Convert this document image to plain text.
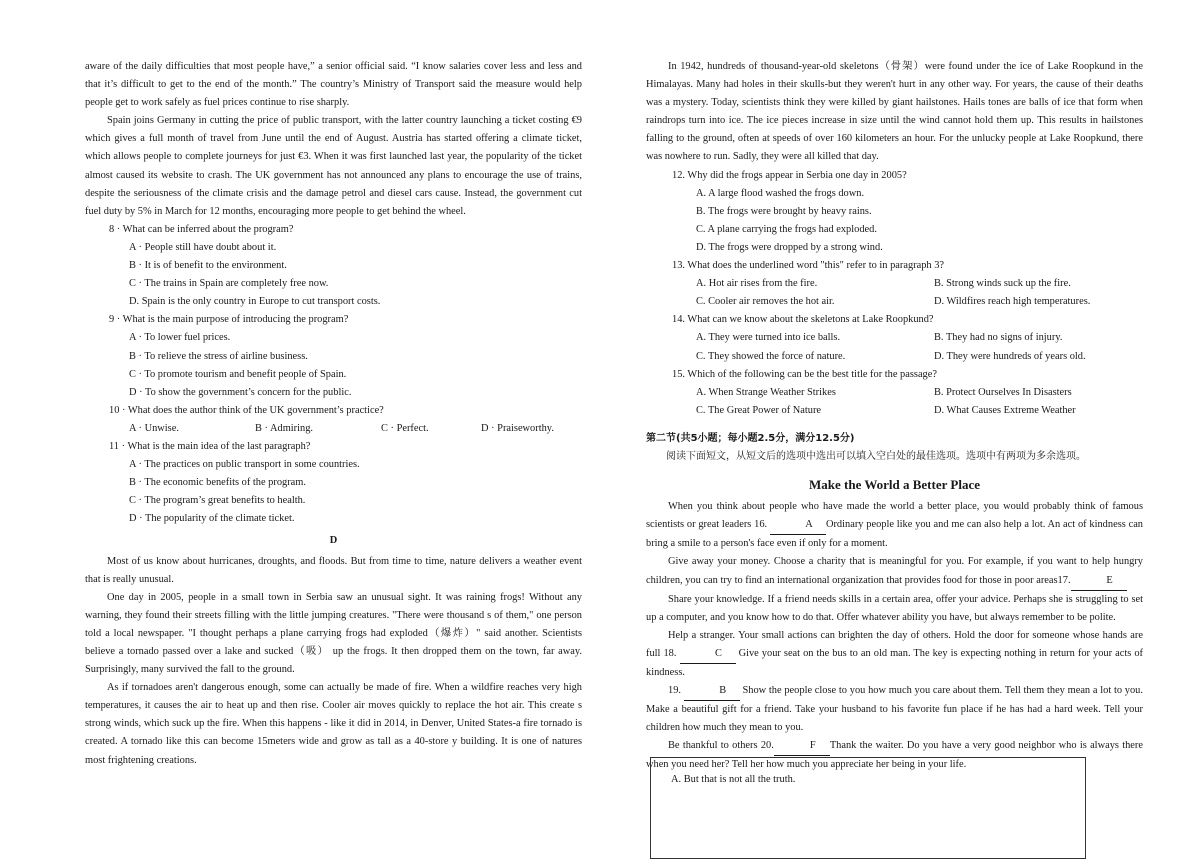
aware of the daily difficulties that most people have,” a senior official said. “I know salaries cover less and less and that it’s difficult to get to the end of the month.” The country’s Ministry of Transport said the measure would help people get to work safely as fuel prices continue to rise sharply.

Spain joins Germany in cutting the price of public transport, with the latter country launching a ticket costing €9 which gives a full month of travel from June until the end of August. Austria has started offering a climate ticket, which allows people to complete journeys for just €3. When it was first launched last year, the popularity of the ticket almost caused its website to crash. The UK government has not announced any plans to encourage the use of trains, despite the seriousness of the climate crisis and the damage petrol and diesel cars cause. Instead, the government cut fuel duty by 5% in March for 12 months, encouraging more people to get behind the wheel.

8 · What can be inferred about the program?

A · People still have doubt about it.

B · It is of benefit to the environment.

C · The trains in Spain are completely free now.

D. Spain is the only country in Europe to cut transport costs.

9 · What is the main purpose of introducing the program?

A · To lower fuel prices.

B · To relieve the stress of airline business.

C · To promote tourism and benefit people of Spain.

D · To show the government’s concern for the public.

10 · What does the author think of the UK government’s practice?

A · Unwise.	B · Admiring.	C · Perfect.	D · Praiseworthy.

11 · What is the main idea of the last paragraph?

A · The practices on public transport in some countries.

B · The economic benefits of the program.

C · The program’s great benefits to health.

D · The popularity of the climate ticket.

D

Most of us know about hurricanes, droughts, and floods. But from time to time, nature delivers a weather event that is really unusual.

One day in 2005, people in a small town in Serbia saw an unusual sight. It was raining frogs! Without any warning, they found their streets filling with the little jumping creatures. "There were thousand s of them," one person told a local newspaper. "I thought perhaps a plane carrying frogs had exploded（爆炸）" said another. Scientists believe a tornado passed over a lake and sucked（吸） up the frogs. It then dropped them on the town, far away. Surprisingly, many survived the fall to the ground.

As if tornadoes aren't dangerous enough, some can actually be made of fire. When a wildfire reaches very high temperatures, it causes the air to heat up and then rise. Cooler air moves quickly to replace the hot air. This create s strong winds, which suck up the fire. When this happens - like it did in 2014, in Denver, United States-a fire tornado is created. A tornado like this can become 15meters wide and grow as tall as a 40-store y building. It is one of natures most frightening creations.

In 1942, hundreds of thousand-year-old skeletons（骨架）were found under the ice of Lake Roopkund in the Himalayas. Many had holes in their skulls-but they weren't hurt in any other way. For years, the cause of their deaths was a mystery. Today, scientists think they were killed by giant hailstones. Hails tones are balls of ice that form when raindrops turn into ice. The ice pieces increase in size until the wind cannot hold them up. This results in hailstones falling to the ground, often at speeds of over 160 kilometers an hour. For the unlucky people at Lake Roopkund, there was nowhere to run. Sadly, they were all killed that day.

12. Why did the frogs appear in Serbia one day in 2005?

A. A large flood washed the frogs down.

B. The frogs were brought by heavy rains.

C. A plane carrying the frogs had exploded.

D. The frogs were dropped by a strong wind.

13. What does the underlined word "this" refer to in paragraph 3?

A. Hot air rises from the fire.	B. Strong winds suck up the fire.
C. Cooler air removes the hot air.	D. Wildfires reach high temperatures.

14. What can we know about the skeletons at Lake Roopkund?

A. They were turned into ice balls.	B. They had no signs of injury.
C. They showed the force of nature.	D. They were hundreds of years old.

15. Which of the following can be the best title for the passage?

A. When Strange Weather Strikes	B. Protect Ourselves In Disasters
C. The Great Power of Nature	D. What Causes Extreme Weather

第二节(共5小题；每小题2.5分，满分12.5分)

阅读下面短文，从短文后的选项中选出可以填入空白处的最佳选项。选项中有两项为多余选项。

Make the World a Better Place

When you think about people who have made the world a better place, you would probably think of famous scientists or great leaders 16.	A Ordinary people like you and me can also help a lot. An act of kindness can bring a smile to a person's face even if only for a moment.

Give away your money. Choose a charity that is meaningful for you. For example, if you want to help hungry children, you can try to find an international organization that provides food for those in poor areas17.	E

Share your knowledge. If a friend needs skills in a certain area, offer your advice. Perhaps she is struggling to set up a computer, and you know how to do that. Offer whatever ability you have, but always remember to be polite.

Help a stranger. Your small actions can brighten the day of others. Hold the door for someone whose hands are full 18.	C Give your seat on the bus to an old man. The key is expecting nothing in return for your acts of kindness.

19.	B Show the people close to you how much you care about them. Tell them they mean a lot to you. Make a beautiful gift for a friend. Take your husband to his favorite fun place if he has had a hard week. Tell your children how much they mean to you.

Be thankful to others 20.	F Thank the waiter. Do you have a very good neighbor who is always there when you need her? Tell her how much you appreciate her being in your life.

A. But that is not all the truth.
